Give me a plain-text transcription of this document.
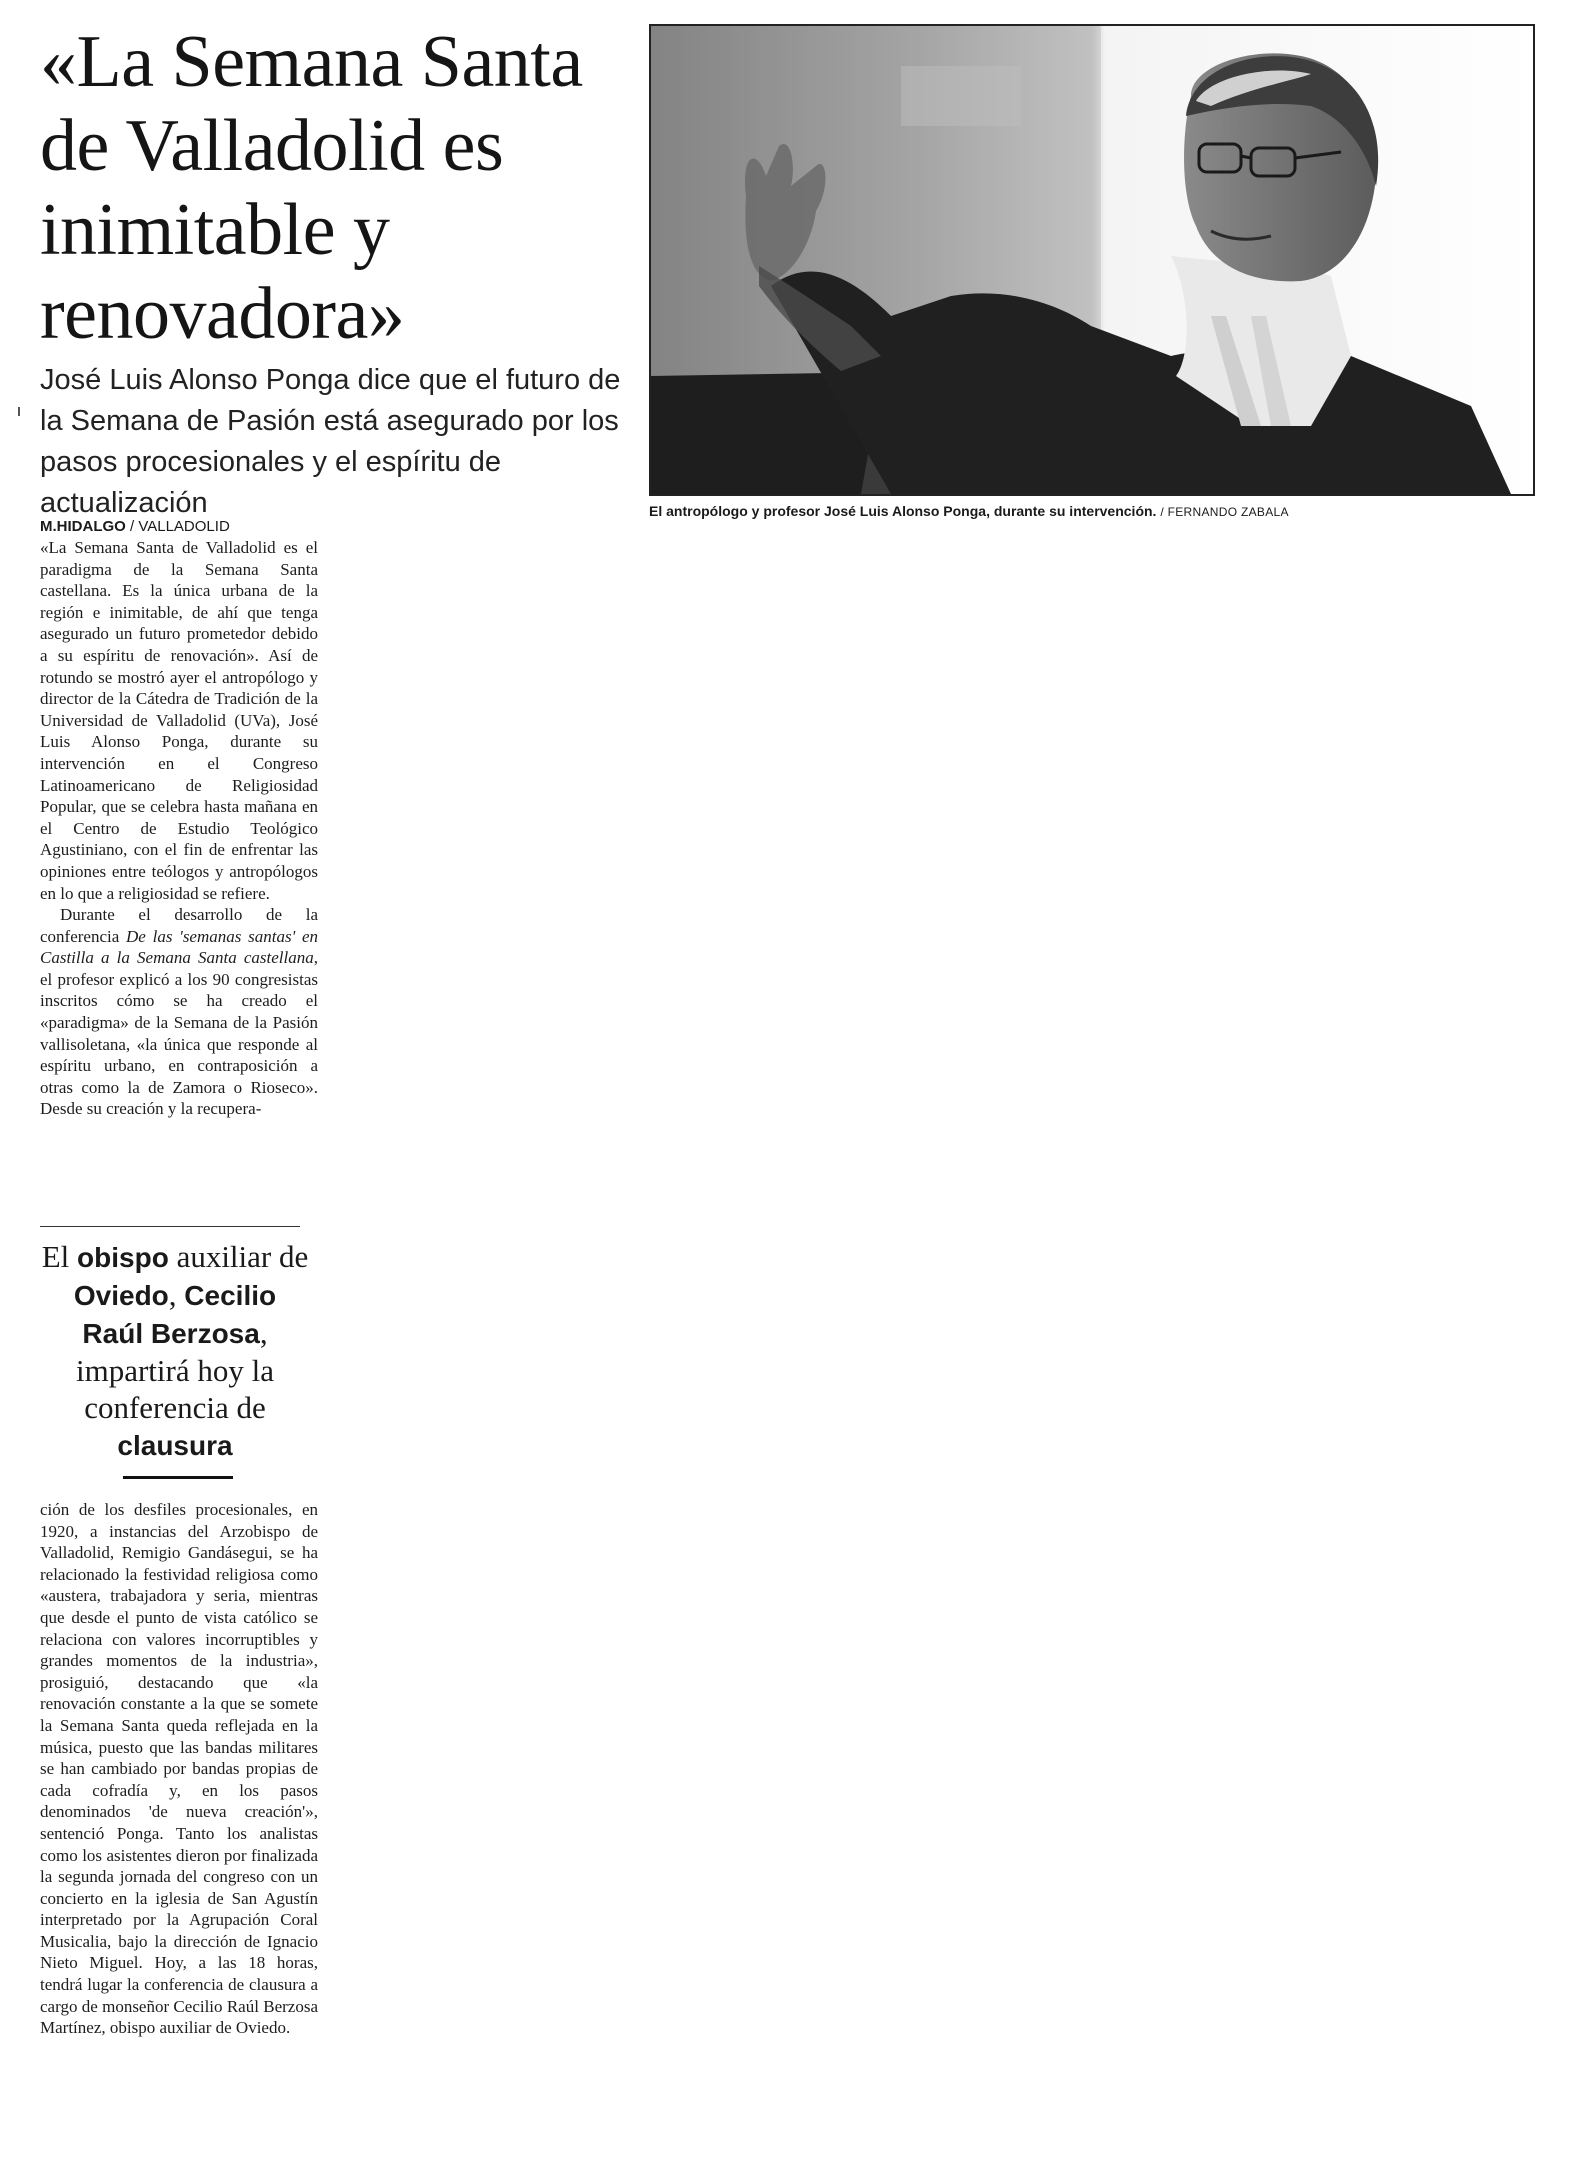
«La Semana Santa de Valladolid es inimitable y renovadora»

José Luis Alonso Ponga dice que el futuro de la Semana de Pasión está asegurado por los pasos procesionales y el espíritu de actualización	El antropólogo y profesor José Luis Alonso Ponga, durante su intervención. / FERNANDO ZABALA

M.HIDALGO / VALLADOLID

«La Semana Santa de Valladolid es el paradigma de la Semana Santa castellana. Es la única urbana de la región e inimitable, de ahí que tenga asegurado un futuro prometedor debido a su espíritu de renovación». Así de rotundo se mostró ayer el antropólogo y director de la Cátedra de Tradición de la Universidad de Valladolid (UVa), José Luis Alonso Ponga, durante su intervención en el Congreso Latinoamericano de Religiosidad Popular, que se celebra hasta mañana en el Centro de Estudio Teológico Agustiniano, con el fin de enfrentar las opiniones entre teólogos y antropólogos en lo que a religiosidad se refiere.

Durante el desarrollo de la conferencia De las 'semanas santas' en Castilla a la Semana Santa castellana, el profesor explicó a los 90 congresistas inscritos cómo se ha creado el «paradigma» de la Semana de la Pasión vallisoletana, «la única que responde al espíritu urbano, en contraposición a otras como la de Zamora o Rioseco». Desde su creación y la recupera-

El obispo auxiliar de Oviedo, Cecilio Raúl Berzosa, impartirá hoy la conferencia de clausura

ción de los desfiles procesionales, en 1920, a instancias del Arzobispo de Valladolid, Remigio Gandásegui, se ha relacionado la festividad religiosa como «austera, trabajadora y seria, mientras que desde el punto de vista católico se relaciona con valores incorruptibles y grandes momentos de la industria», prosiguió, destacando que «la renovación constante a la que se somete la Semana Santa queda reflejada en la música, puesto que las bandas militares se han cambiado por bandas propias de cada cofradía y, en los pasos denominados 'de nueva creación'», sentenció Ponga. Tanto los analistas como los asistentes dieron por finalizada la segunda jornada del congreso con un concierto en la iglesia de San Agustín interpretado por la Agrupación Coral Musicalia, bajo la dirección de Ignacio Nieto Miguel. Hoy, a las 18 horas, tendrá lugar la conferencia de clausura a cargo de monseñor Cecilio Raúl Berzosa Martínez, obispo auxiliar de Oviedo.
